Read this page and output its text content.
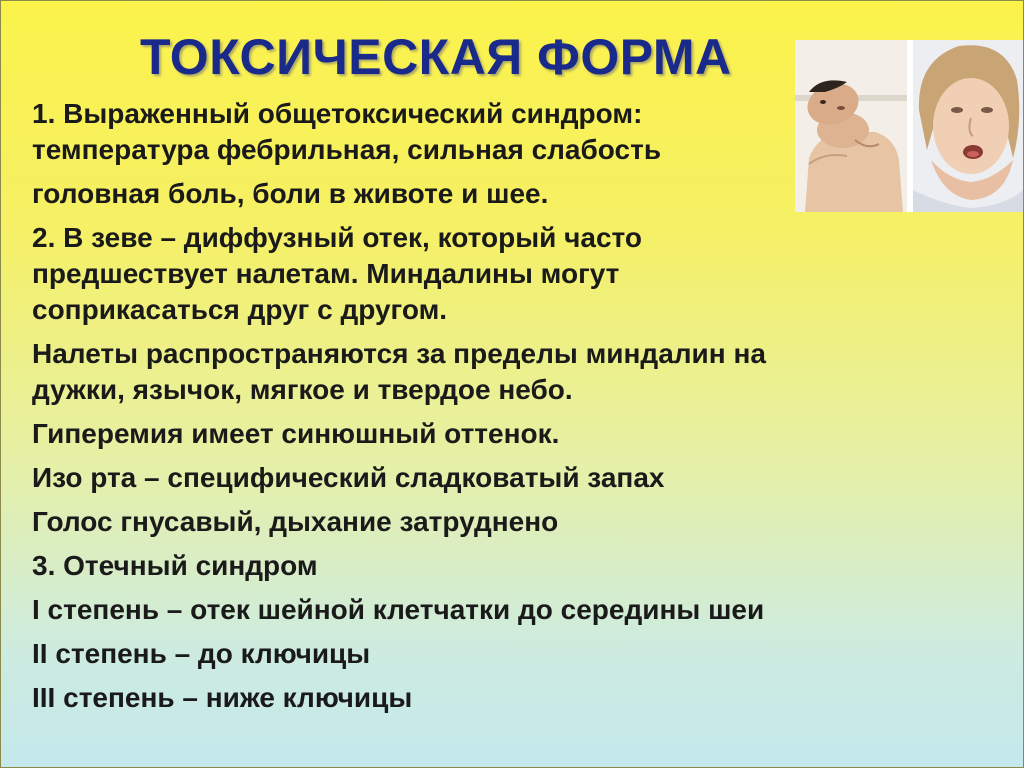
ТОКСИЧЕСКАЯ ФОРМА
1. Выраженный общетоксический синдром:
температура фебрильная, сильная слабость
головная боль, боли в животе и шее.
2. В зеве – диффузный отек, который часто
предшествует налетам. Миндалины могут
соприкасаться друг с другом.
Налеты распространяются за пределы миндалин на
дужки, язычок, мягкое и твердое небо.
Гиперемия имеет синюшный оттенок.
Изо рта – специфический сладковатый запах
Голос гнусавый, дыхание затруднено
3. Отечный синдром
I степень – отек шейной клетчатки до середины шеи
II степень – до ключицы
III степень – ниже ключицы
